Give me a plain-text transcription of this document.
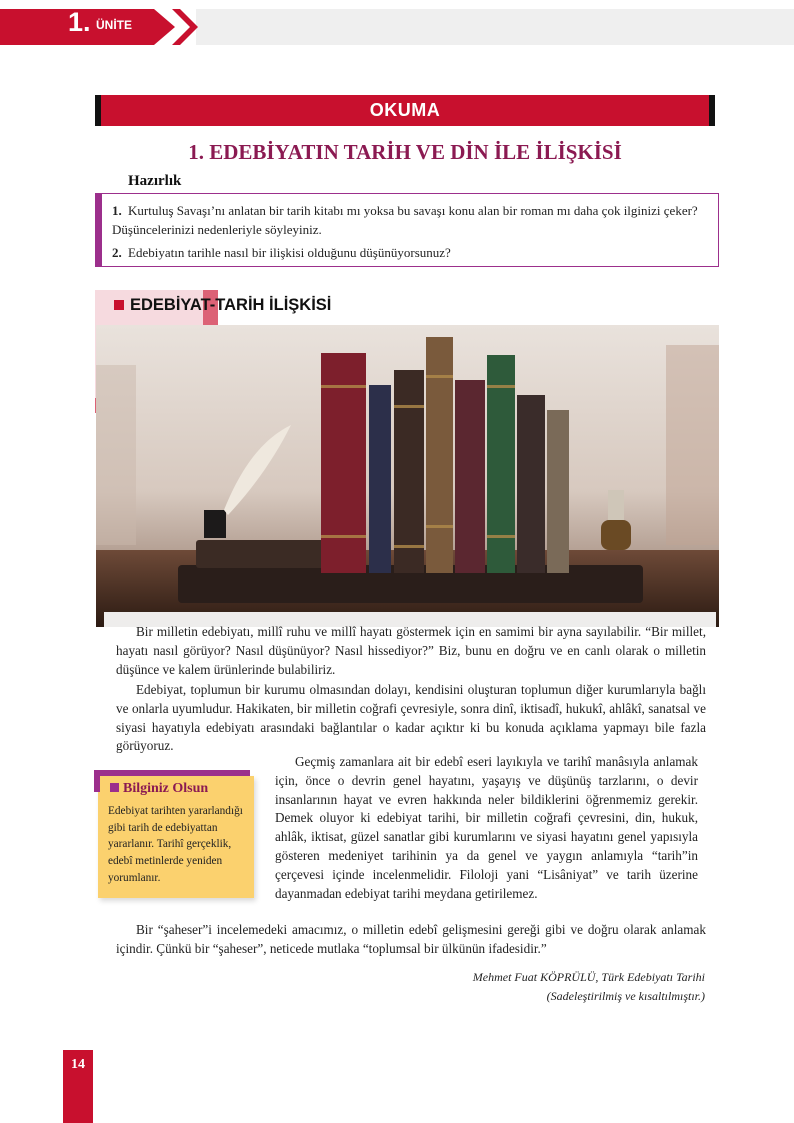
1. ÜNİTE
OKUMA
1. EDEBİYATIN TARİH VE DİN İLE İLİŞKİSİ
Hazırlık
1. Kurtuluş Savaşı’nı anlatan bir tarih kitabı mı yoksa bu savaşı konu alan bir roman mı daha çok ilginizi çeker? Düşüncelerinizi nedenleriyle söyleyiniz.
2. Edebiyatın tarihle nasıl bir ilişkisi olduğunu düşünüyorsunuz?
EDEBİYAT-TARİH İLİŞKİSİ
Bir milletin edebiyatı, millî ruhu ve millî hayatı göstermek için en samimi bir ayna sayılabilir. “Bir millet, hayatı nasıl görüyor? Nasıl düşünüyor? Nasıl hissediyor?” Biz, bunu en doğru ve en canlı olarak o milletin düşünce ve kalem ürünlerinde bulabiliriz.
Edebiyat, toplumun bir kurumu olmasından dolayı, kendisini oluşturan toplumun diğer kurumlarıyla bağlı ve onlarla uyumludur. Hakikaten, bir milletin coğrafi çevresiyle, sonra dinî, iktisadî, hukukî, ahlâkî, sanatsal ve siyasi hayatıyla edebiyatı arasındaki bağlantılar o kadar açıktır ki bu konuda açıklama yapmayı bile fazla görüyoruz.
Geçmiş zamanlara ait bir edebî eseri layıkıyla ve tarihî manâsıyla anlamak için, önce o devrin genel hayatını, yaşayış ve düşünüş tarzlarını, o devir insanlarının hayat ve evren hakkında neler bildiklerini öğrenmemiz gerekir. Demek oluyor ki edebiyat tarihi, bir milletin coğrafi çevresini, din, hukuk, ahlâk, iktisat, güzel sanatlar gibi kurumlarını ve siyasi hayatını genel yapısıyla gösteren medeniyet tarihinin ya da genel ve yaygın anlamıyla “tarih”in çerçevesi içinde incelenmelidir. Filoloji yani “Lisâniyat” ve tarih üzerine dayanmadan edebiyat tarihi meydana getirilemez.
Bir “şaheser”i incelemedeki amacımız, o milletin edebî gelişmesini gereği gibi ve doğru olarak anlamak içindir. Çünkü bir “şaheser”, neticede mutlaka “toplumsal bir ülkünün ifadesidir.”
Bilginiz Olsun
Edebiyat tarihten yararlandığı gibi tarih de edebiyattan yararlanır. Tarihî gerçeklik, edebî metinlerde yeniden yorumlanır.
Mehmet Fuat KÖPRÜLÜ, Türk Edebiyatı Tarihi
(Sadeleştirilmiş ve kısaltılmıştır.)
14
